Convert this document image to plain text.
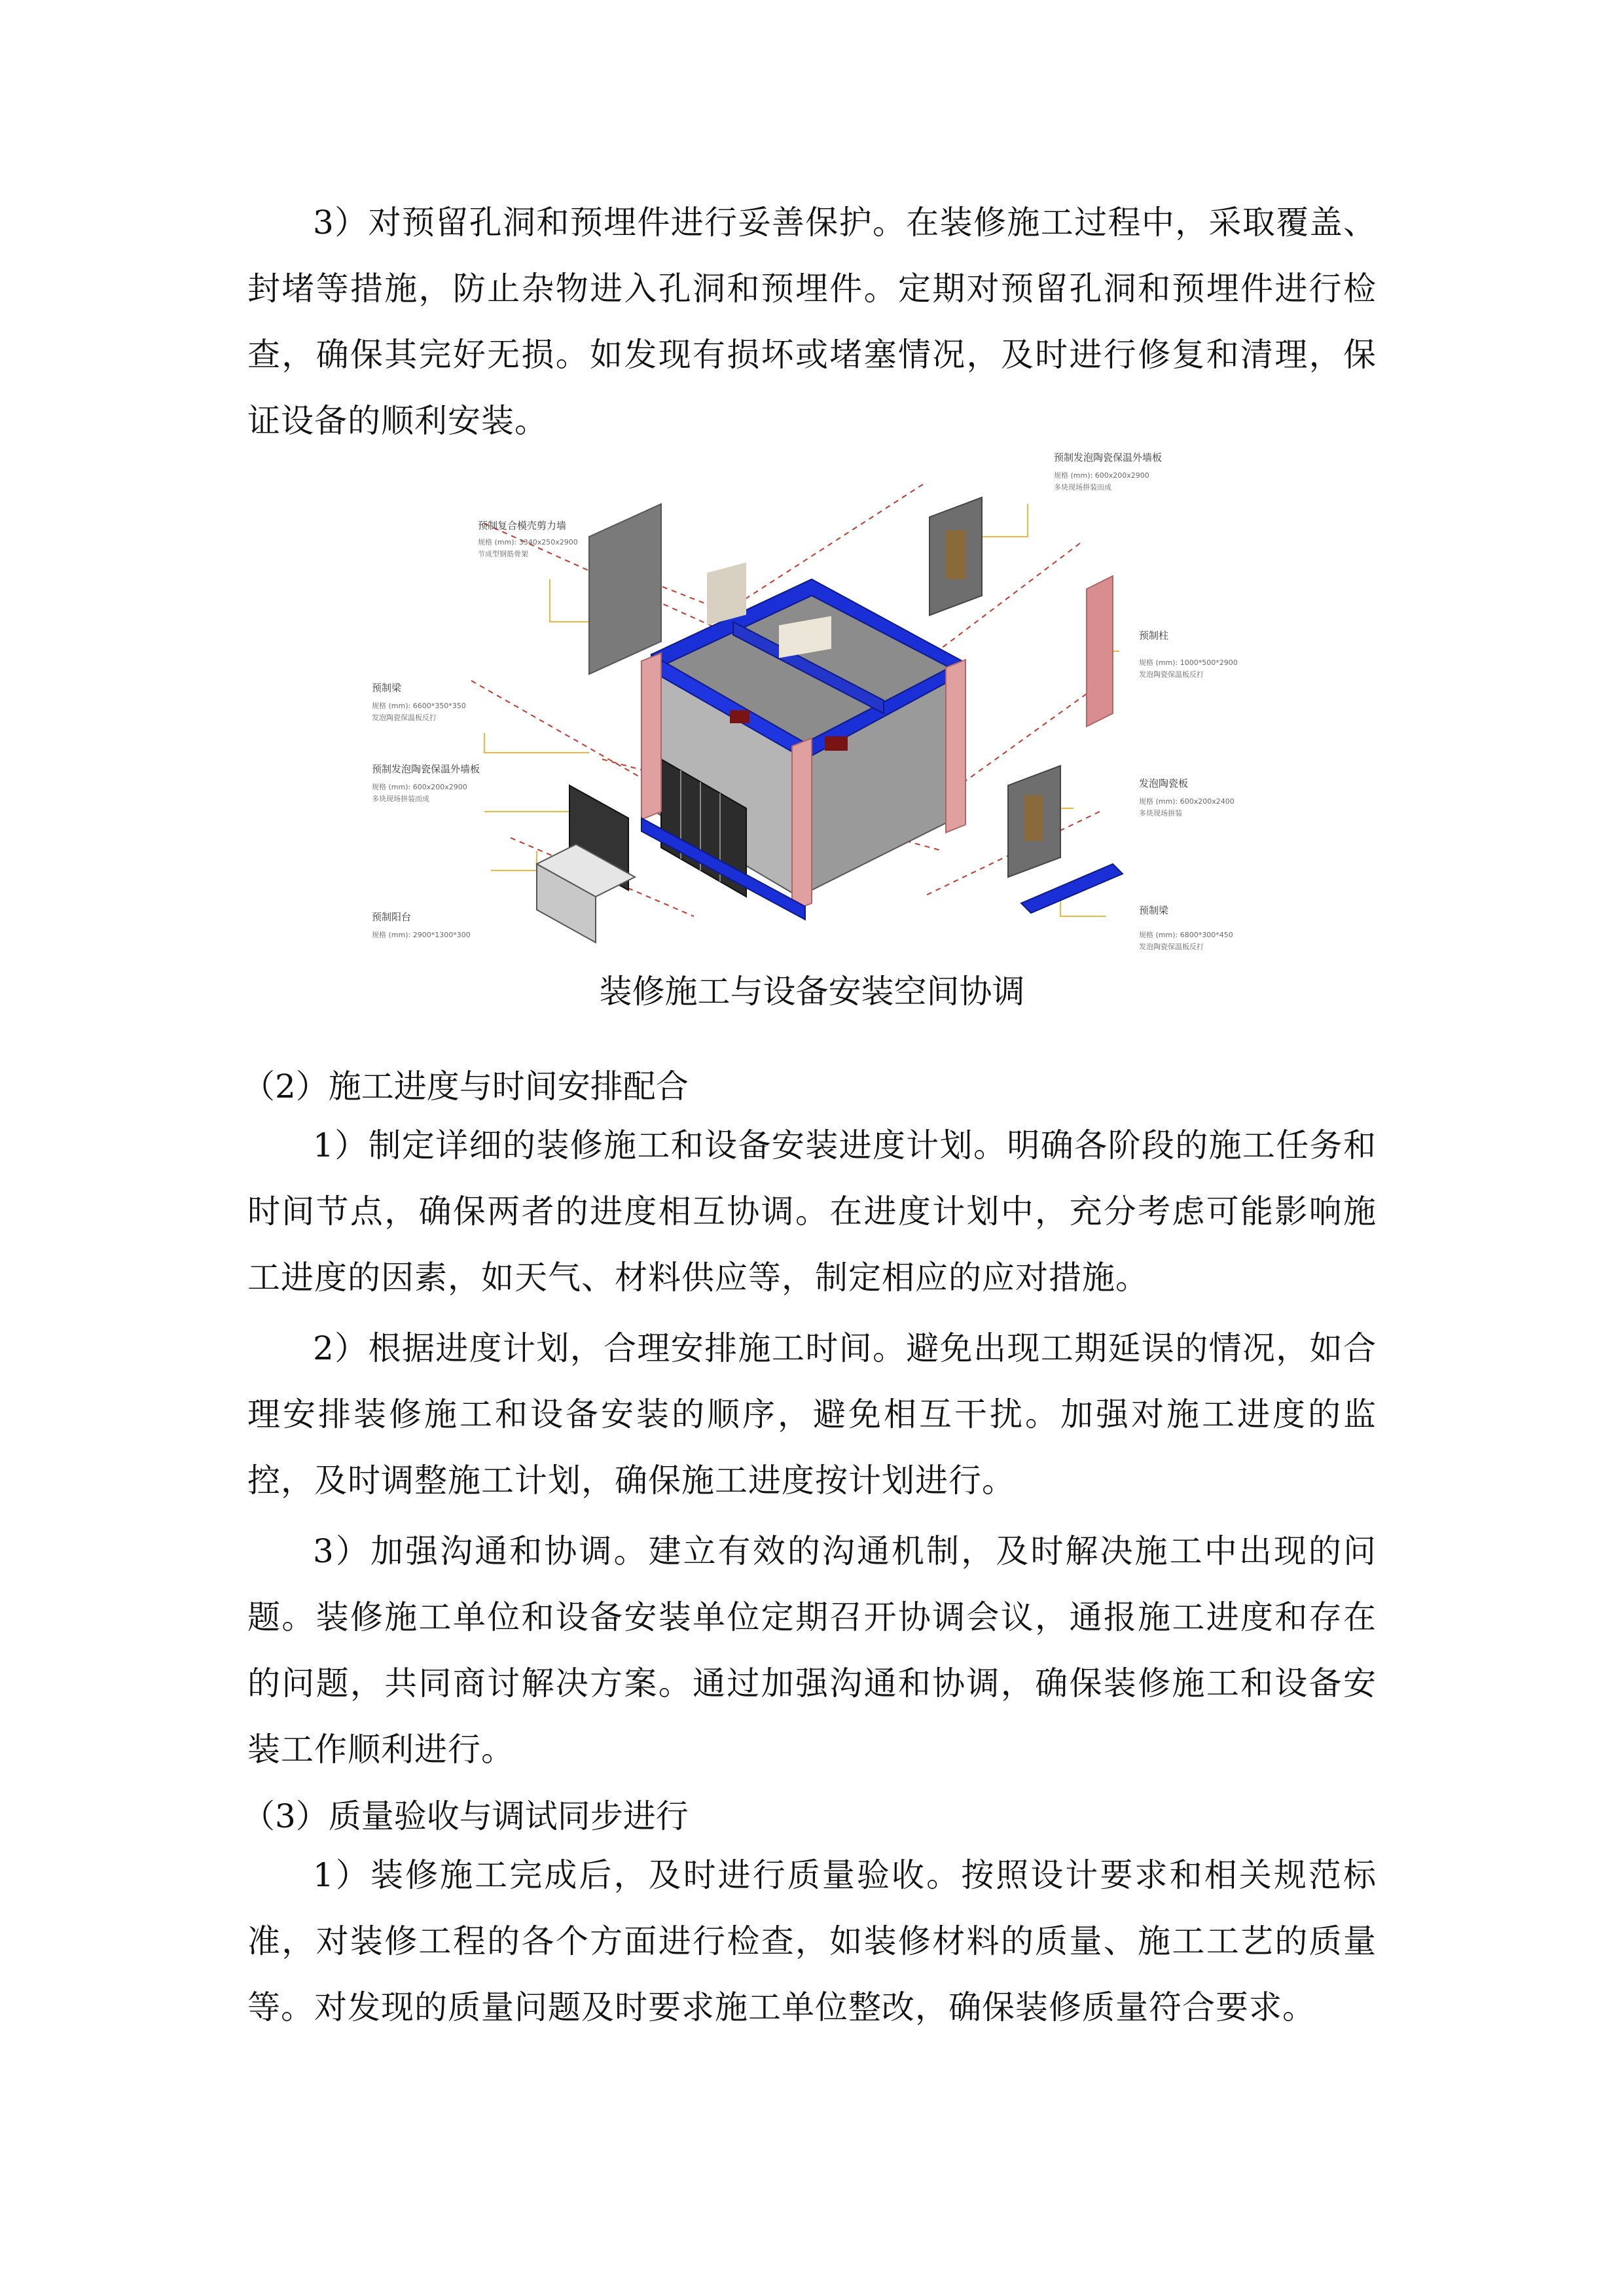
3）对预留孔洞和预埋件进行妥善保护。在装修施工过程中，采取覆盖、封堵等措施，防止杂物进入孔洞和预埋件。定期对预留孔洞和预埋件进行检查，确保其完好无损。如发现有损坏或堵塞情况，及时进行修复和清理，保证设备的顺利安装。

预制复合模壳剪力墙
规格 (mm): 3340x250x2900
节成型钢筋骨架
预制梁
规格 (mm): 6600*350*350
发泡陶瓷保温板反打
预制发泡陶瓷保温外墙板
规格 (mm): 600x200x2900
多块现场拼装而成
预制阳台
规格 (mm): 2900*1300*300
预制发泡陶瓷保温外墙板
规格 (mm): 600x200x2900
多块现场拼装而成
预制柱
规格 (mm): 1000*500*2900
发泡陶瓷保温板反打
发泡陶瓷板
规格 (mm): 600x200x2400
多块现场拼装
预制梁
规格 (mm): 6800*300*450
发泡陶瓷保温板反打
装修施工与设备安装空间协调

（2）施工进度与时间安排配合

1）制定详细的装修施工和设备安装进度计划。明确各阶段的施工任务和时间节点，确保两者的进度相互协调。在进度计划中，充分考虑可能影响施工进度的因素，如天气、材料供应等，制定相应的应对措施。

2）根据进度计划，合理安排施工时间。避免出现工期延误的情况，如合理安排装修施工和设备安装的顺序，避免相互干扰。加强对施工进度的监控，及时调整施工计划，确保施工进度按计划进行。

3）加强沟通和协调。建立有效的沟通机制，及时解决施工中出现的问题。装修施工单位和设备安装单位定期召开协调会议，通报施工进度和存在的问题，共同商讨解决方案。通过加强沟通和协调，确保装修施工和设备安装工作顺利进行。

（3）质量验收与调试同步进行

1）装修施工完成后，及时进行质量验收。按照设计要求和相关规范标准，对装修工程的各个方面进行检查，如装修材料的质量、施工工艺的质量等。对发现的质量问题及时要求施工单位整改，确保装修质量符合要求。
